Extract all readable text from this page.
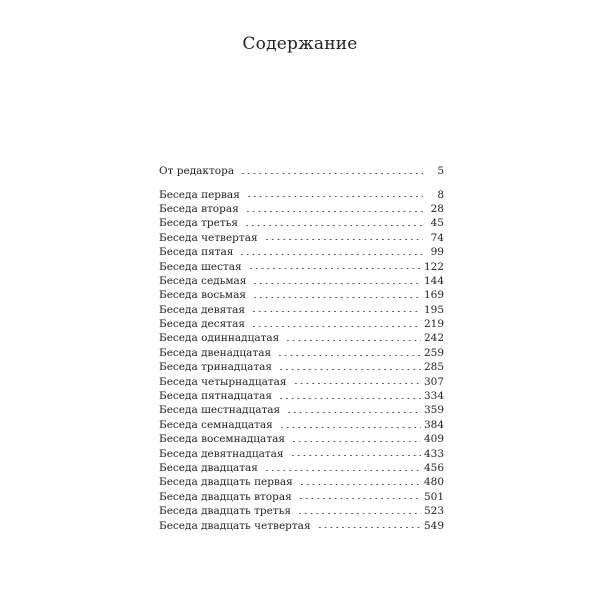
Содержание
От редактора	5
Беседа первая	8
Беседа вторая	28
Беседа третья	45
Беседа четвертая	74
Беседа пятая	99
Беседа шестая	122
Беседа седьмая	144
Беседа восьмая	169
Беседа девятая	195
Беседа десятая	219
Беседа одиннадцатая	242
Беседа двенадцатая	259
Беседа тринадцатая	285
Беседа четырнадцатая	307
Беседа пятнадцатая	334
Беседа шестнадцатая	359
Беседа семнадцатая	384
Беседа восемнадцатая	409
Беседа девятнадцатая	433
Беседа двадцатая	456
Беседа двадцать первая	480
Беседа двадцать вторая	501
Беседа двадцать третья	523
Беседа двадцать четвертая	549
